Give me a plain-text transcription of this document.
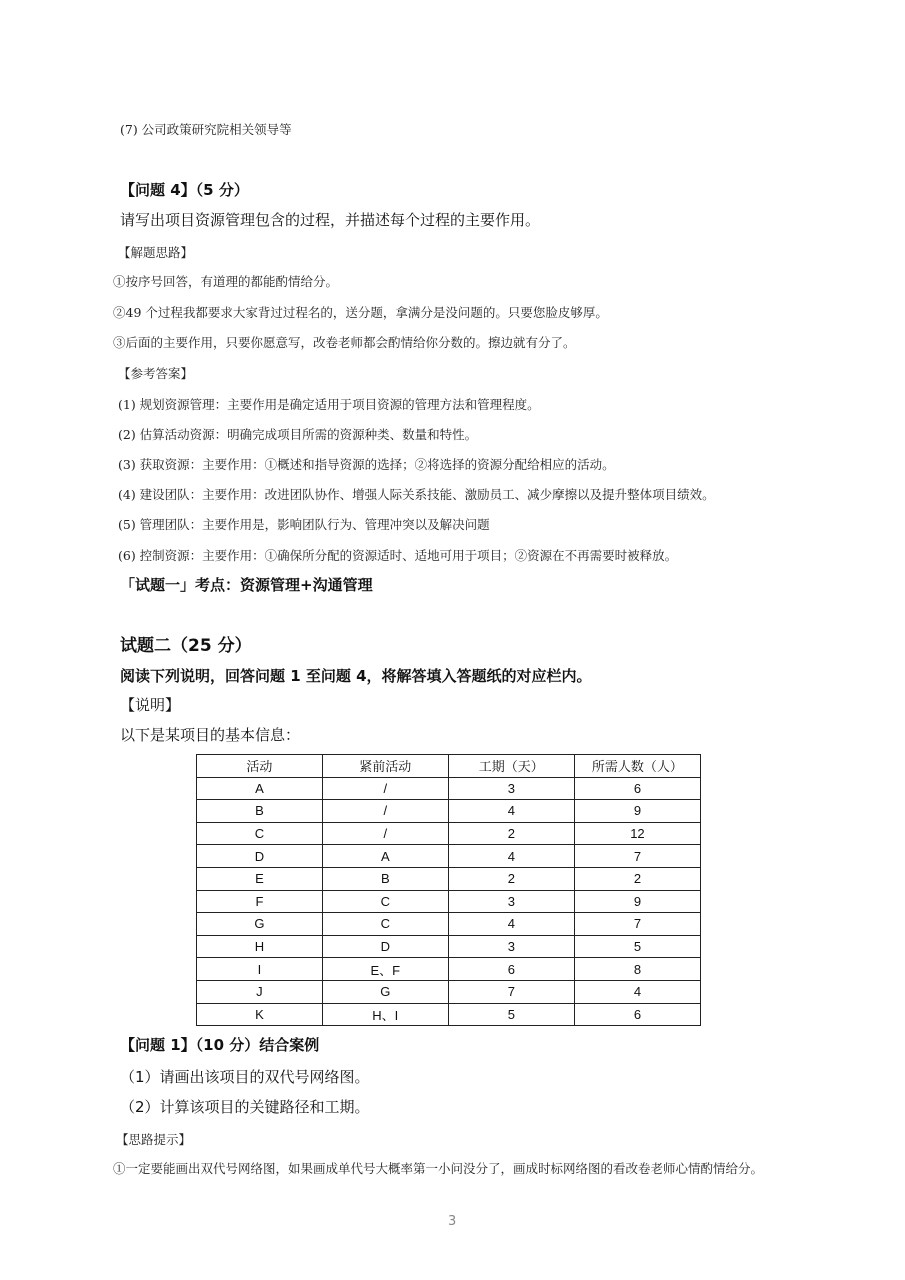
(7) 公司政策研究院相关领导等
【问题 4】（5 分）
请写出项目资源管理包含的过程，并描述每个过程的主要作用。
【解题思路】
①按序号回答，有道理的都能酌情给分。
②49 个过程我都要求大家背过过程名的，送分题，拿满分是没问题的。只要您脸皮够厚。
③后面的主要作用，只要你愿意写，改卷老师都会酌情给你分数的。擦边就有分了。
【参考答案】
(1) 规划资源管理：主要作用是确定适用于项目资源的管理方法和管理程度。
(2) 估算活动资源：明确完成项目所需的资源种类、数量和特性。
(3) 获取资源：主要作用：①概述和指导资源的选择；②将选择的资源分配给相应的活动。
(4) 建设团队：主要作用：改进团队协作、增强人际关系技能、激励员工、减少摩擦以及提升整体项目绩效。
(5) 管理团队：主要作用是，影响团队行为、管理冲突以及解决问题
(6) 控制资源：主要作用：①确保所分配的资源适时、适地可用于项目；②资源在不再需要时被释放。
「试题一」考点：资源管理+沟通管理
试题二（25 分）
阅读下列说明，回答问题 1 至问题 4，将解答填入答题纸的对应栏内。
【说明】
以下是某项目的基本信息：
活动	紧前活动	工期（天）	所需人数（人）
A	/	3	6
B	/	4	9
C	/	2	12
D	A	4	7
E	B	2	2
F	C	3	9
G	C	4	7
H	D	3	5
I	E、F	6	8
J	G	7	4
K	H、I	5	6
【问题 1】（10 分）结合案例
（1）请画出该项目的双代号网络图。
（2）计算该项目的关键路径和工期。
【思路提示】
①一定要能画出双代号网络图，如果画成单代号大概率第一小问没分了，画成时标网络图的看改卷老师心情酌情给分。
3
